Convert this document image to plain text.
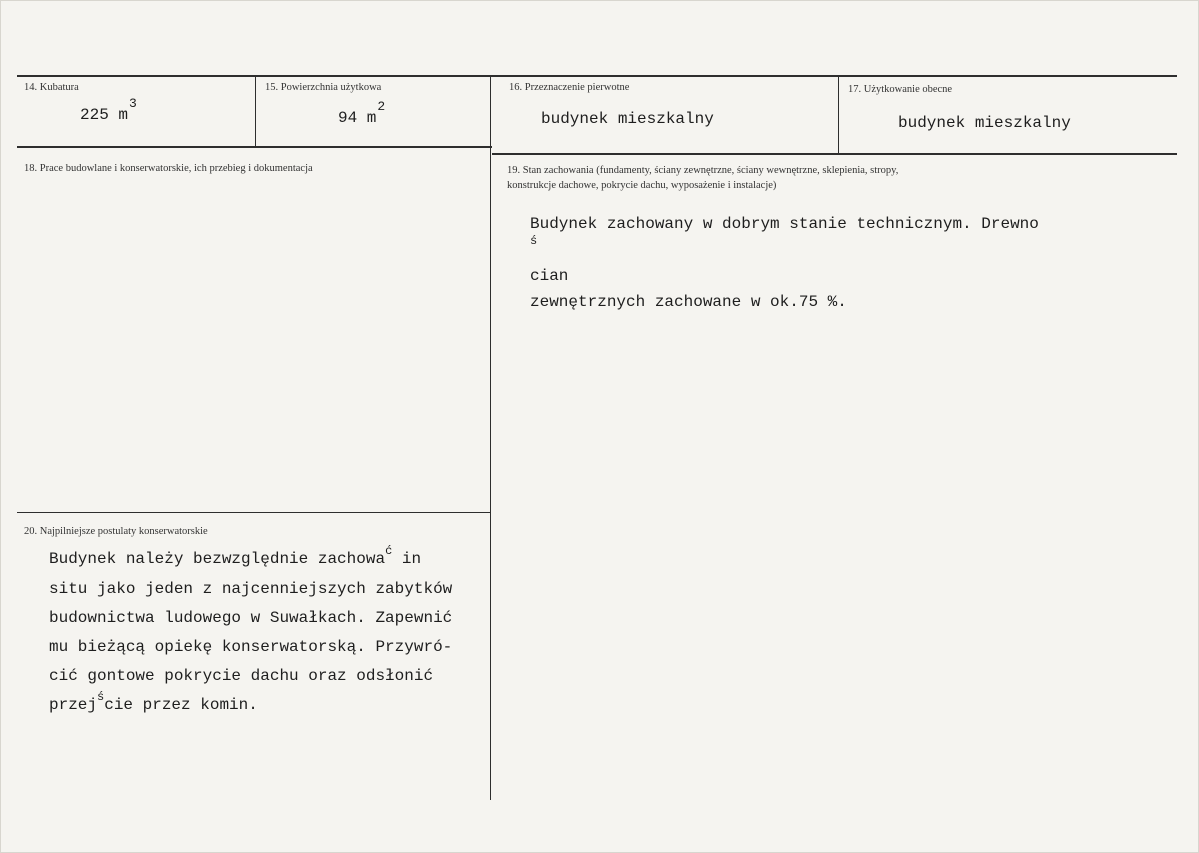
14. Kubatura
225 $m^3$
15. Powierzchnia użytkowa
94 $m^2$
16. Przeznaczenie pierwotne
budynek mieszkalny
17. Użytkowanie obecne
budynek mieszkalny
18. Prace budowlane i konserwatorskie, ich przebieg i dokumentacja	19. Stan zachowania (fundamenty, ściany zewnętrzne, ściany wewnętrzne, sklepienia, stropy,
konstrukcje dachowe, pokrycie dachu, wyposażenie i instalacje)
Budynek zachowany w dobrym stanie technicznym. Drewno
ś
cian
zewnętrznych zachowane w ok.75 %.
20. Najpilniejsze postulaty konserwatorskie
Budynek należy bezwzględnie zachowa$^ć$ in
situ jako jeden z najcenniejszych zabytków
budownictwa ludowego w Suwałkach. Zapewnić
mu bieżącą opiekę konserwatorską. Przywró-
cić gontowe pokrycie dachu oraz odsłonić
przej$^ś$cie przez komin.
